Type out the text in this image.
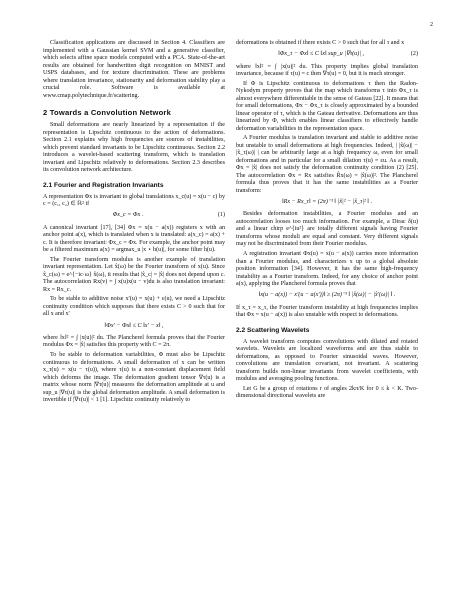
2

Classification applications are discussed in Section 4. Classifiers are implemented with a Gaussian kernel SVM and a generative classifier, which selects affine space models computed with a PCA. State-of-the-art results are obtained for handwritten digit recognition on MNIST and USPS databases, and for texture discrimination. These are problems where translation invariance, stationarity and deformation stability play a crucial role. Software is available at www.cmap.polytechnique.fr/scattering.

2 Towards a Convolution Network

Small deformations are nearly linearized by a representation if the representation is Lipschitz continuous to the action of deformations. Section 2.1 explains why high frequencies are sources of instabilities, which prevent standard invariants to be Lipschitz continuous. Section 2.2 introduces a wavelet-based scattering transform, which is translation invariant and Lipschitz relatively to deformations. Section 2.3 describes its convolution network architecture.

2.1 Fourier and Registration Invariants

A representation Φx is invariant to global translations x_c(u) = x(u − c) by c = (c₁, c₂) ∈ ℝ² if

Φx_c = Φx .	(1)

A canonical invariant [17], [34] Φx = x(u − a(x)) registers x with an anchor point a(x), which is translated when x is translated: a(x_c) = a(x) + c. It is therefore invariant: Φx_c = Φx. For example, the anchor point may be a filtered maximum a(x) = argmax_u |x ⋆ h(u)|, for some filter h(u).

The Fourier transform modulus is another example of translation invariant representation. Let x̂(ω) be the Fourier transform of x(u). Since x̂_c(ω) = e^{−ic·ω} x̂(ω), it results that |x̂_c| = |x̂| does not depend upon c. The autocorrelation Rx(v) = ∫ x(u)x(u − v)du is also translation invariant: Rx = Rx_c.

To be stable to additive noise x′(u) = x(u) + ε(u), we need a Lipschitz continuity condition which supposes that there exists C > 0 such that for all x and x′

‖Φx′ − Φx‖ ≤ C ‖x′ − x‖ ,

where ‖x‖² = ∫ |x(u)|² du. The Plancherel formula proves that the Fourier modulus Φx = |x̂| satisfies this property with C = 2π.

To be stable to deformation variabilities, Φ must also be Lipschitz continuous to deformations. A small deformation of x can be written x_τ(u) = x(u − τ(u)), where τ(u) is a non-constant displacement field which deforms the image. The deformation gradient tensor ∇τ(u) is a matrix whose norm |∇τ(u)| measures the deformation amplitude at u and sup_u |∇τ(u)| is the global deformation amplitude. A small deformation is invertible if |∇τ(u)| < 1 [1]. Lipschitz continuity relatively to

deformations is obtained if there exists C > 0 such that for all τ and x

‖Φx_τ − Φx‖ ≤ C ‖x‖ sup_u |∇τ(u)| ,	(2)

where ‖x‖² = ∫ |x(u)|² du. This property implies global translation invariance, because if τ(u) = c then ∇τ(u) = 0, but it is much stronger.

If Φ is Lipschitz continuous to deformations τ then the Radon-Nykodym property proves that the map which transforms τ into Φx_τ is almost everywhere differentiable in the sense of Gateau [22]. It means that for small deformations, Φx − Φx_τ is closely approximated by a bounded linear operator of τ, which is the Gateau derivative. Deformations are thus linearized by Φ, which enables linear classifiers to effectively handle deformation variabilities in the representation space.

A Fourier modulus is translation invariant and stable to additive noise but unstable to small deformations at high frequencies. Indeed, | |x̂(ω)| − |x̂_τ(ω)| | can be arbitrarily large at a high frequency ω, even for small deformations and in particular for a small dilation τ(u) = εu. As a result, Φx = |x̂| does not satisfy the deformation continuity condition (2) [25]. The autocorrelation Φx = Rx satisfies R̂x(ω) = |x̂(ω)|². The Plancherel formula thus proves that it has the same instabilities as a Fourier transform:

‖Rx − Rx_τ‖ = (2π)⁻¹ ‖ |x̂|² − |x̂_τ|² ‖ .

Besides deformation instabilities, a Fourier modulus and an autocorrelation looses too much information. For example, a Dirac δ(u) and a linear chirp e^{iu²} are totally different signals having Fourier transforms whose moduli are equal and constant. Very different signals may not be discriminated from their Fourier modulus.

A registration invariant Φx(u) = x(u − a(x)) carries more information than a Fourier modulus, and characterizes x up to a global absolute position information [34]. However, it has the same high-frequency instability as a Fourier transform. Indeed, for any choice of anchor point a(x), applying the Plancherel formula proves that

‖x(u − a(x)) − x′(u − a(x′))‖ ≥ (2π)⁻¹ ‖ |x̂(ω)| − |x̂′(ω)| ‖ .

If x_τ = x_τ, the Fourier transform instability at high frequencies implies that Φx = x(u − a(x)) is also unstable with respect to deformations.

2.2 Scattering Wavelets

A wavelet transform computes convolutions with dilated and rotated wavelets. Wavelets are localized waveforms and are thus stable to deformations, as opposed to Fourier sinusoidal waves. However, convolutions are translation covariant, not invariant. A scattering transform builds non-linear invariants from wavelet coefficients, with modulus and averaging pooling functions.

Let G be a group of rotations r of angles 2kπ/K for 0 ≤ k < K. Two-dimensional directional wavelets are
